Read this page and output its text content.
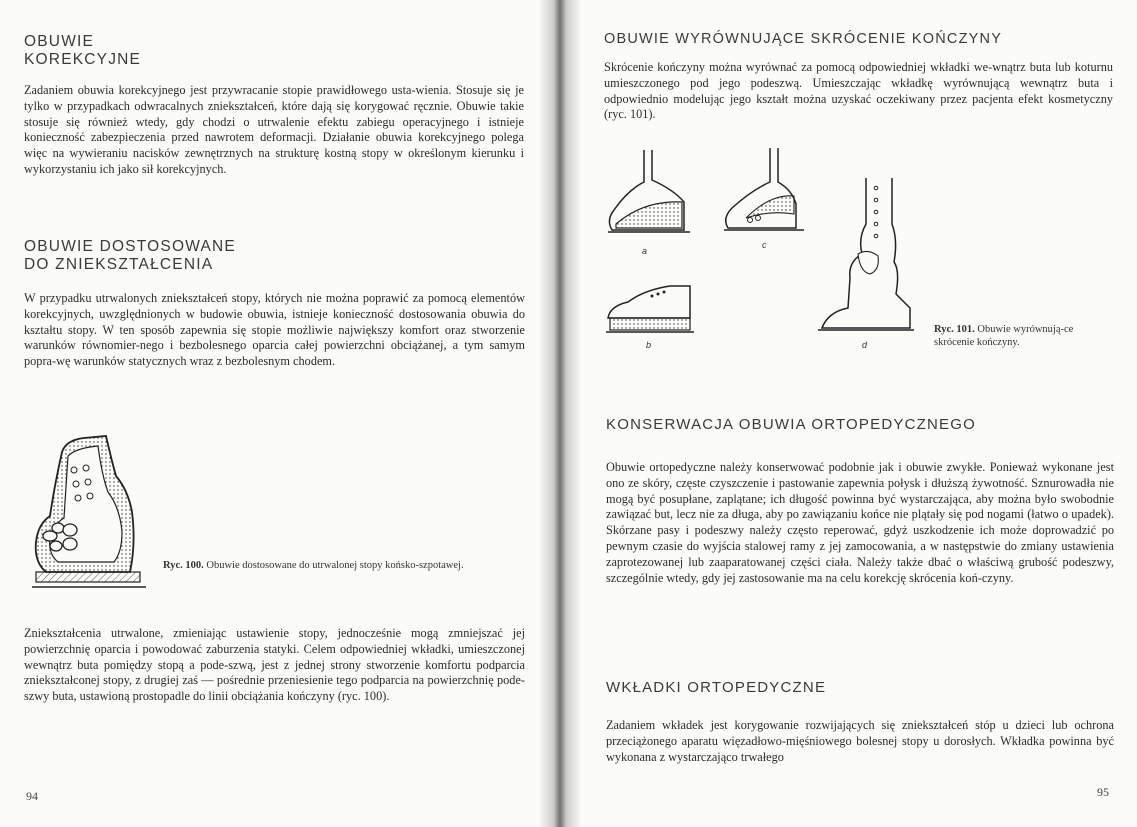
OBUWIE
KOREKCYJNE
Zadaniem obuwia korekcyjnego jest przywracanie stopie prawidłowego usta-wienia. Stosuje się je tylko w przypadkach odwracalnych zniekształceń, które dają się korygować ręcznie. Obuwie takie stosuje się również wtedy, gdy chodzi o utrwalenie efektu zabiegu operacyjnego i istnieje konieczność zabezpieczenia przed nawrotem deformacji. Działanie obuwia korekcyjnego polega więc na wywieraniu nacisków zewnętrznych na strukturę kostną stopy w określonym kierunku i wykorzystaniu ich jako sił korekcyjnych.
OBUWIE DOSTOSOWANE
DO ZNIEKSZTAŁCENIA
W przypadku utrwalonych zniekształceń stopy, których nie można poprawić za pomocą elementów korekcyjnych, uwzględnionych w budowie obuwia, istnieje konieczność dostosowania obuwia do kształtu stopy. W ten sposób zapewnia się stopie możliwie największy komfort oraz stworzenie warunków równomier-nego i bezbolesnego oparcia całej powierzchni obciążanej, a tym samym popra-wę warunków statycznych wraz z bezbolesnym chodem.
Ryc. 100. Obuwie dostosowane do utrwalonej stopy końsko-szpotawej.
Zniekształcenia utrwalone, zmieniając ustawienie stopy, jednocześnie mogą zmniejszać jej powierzchnię oparcia i powodować zaburzenia statyki. Celem odpowiedniej wkładki, umieszczonej wewnątrz buta pomiędzy stopą a pode-szwą, jest z jednej strony stworzenie komfortu podparcia zniekształconej stopy, z drugiej zaś — pośrednie przeniesienie tego podparcia na powierzchnię pode-szwy buta, ustawioną prostopadle do linii obciążania kończyny (ryc. 100).
94
OBUWIE WYRÓWNUJĄCE SKRÓCENIE KOŃCZYNY
Skrócenie kończyny można wyrównać za pomocą odpowiedniej wkładki we-wnątrz buta lub koturnu umieszczonego pod jego podeszwą. Umieszczając wkładkę wyrównującą wewnątrz buta i odpowiednio modelując jego kształt można uzyskać oczekiwany przez pacjenta efekt kosmetyczny (ryc. 101).
a
c
b	d
Ryc. 101. Obuwie wyrównują-ce skrócenie kończyny.
KONSERWACJA OBUWIA ORTOPEDYCZNEGO
Obuwie ortopedyczne należy konserwować podobnie jak i obuwie zwykłe. Ponieważ wykonane jest ono ze skóry, częste czyszczenie i pastowanie zapewnia połysk i dłuższą żywotność. Sznurowadła nie mogą być posupłane, zaplątane; ich długość powinna być wystarczająca, aby można było swobodnie zawiązać but, lecz nie za długa, aby po zawiązaniu końce nie plątały się pod nogami (łatwo o upadek). Skórzane pasy i podeszwy należy często reperować, gdyż uszkodzenie ich może doprowadzić po pewnym czasie do wyjścia stalowej ramy z jej zamocowania, a w następstwie do zmiany ustawienia zaprotezowanej lub zaaparatowanej części ciała. Należy także dbać o właściwą grubość podeszwy, szczególnie wtedy, gdy jej zastosowanie ma na celu korekcję skrócenia koń-czyny.
WKŁADKI ORTOPEDYCZNE
Zadaniem wkładek jest korygowanie rozwijających się zniekształceń stóp u dzieci lub ochrona przeciążonego aparatu więzadłowo-mięśniowego bolesnej stopy u dorosłych. Wkładka powinna być wykonana z wystarczająco trwałego
95
